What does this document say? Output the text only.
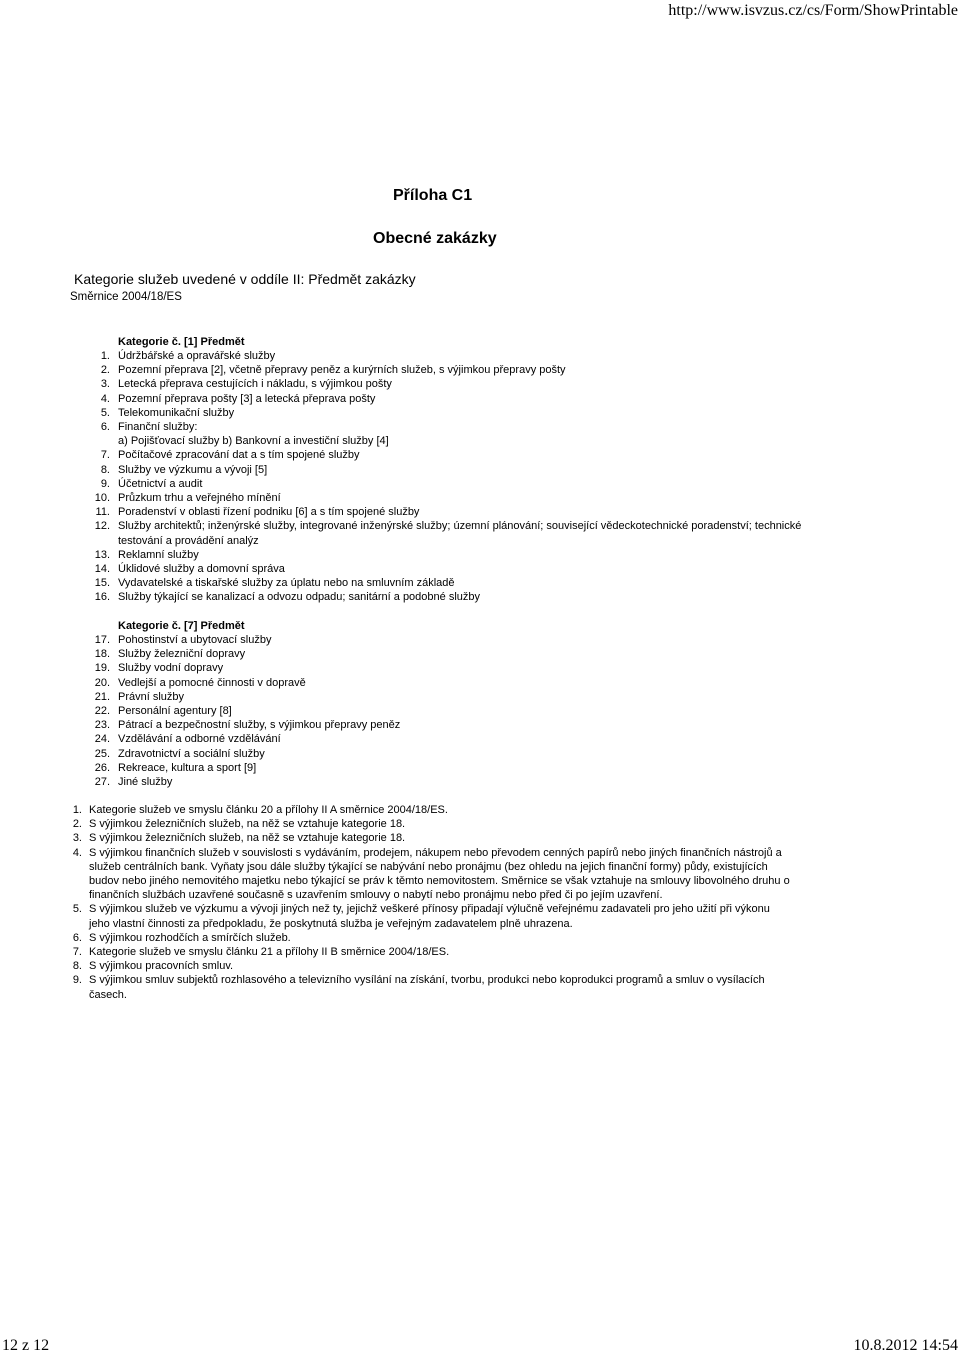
http://www.isvzus.cz/cs/Form/ShowPrintable
Příloha C1
Obecné zakázky
Kategorie služeb uvedené v oddíle II: Předmět zakázky
Směrnice 2004/18/ES
Kategorie č. [1] Předmět
1. Údržbářské a opravářské služby
2. Pozemní přeprava [2], včetně přepravy peněz a kurýrních služeb, s výjimkou přepravy pošty
3. Letecká přeprava cestujících i nákladu, s výjimkou pošty
4. Pozemní přeprava pošty [3] a letecká přeprava pošty
5. Telekomunikační služby
6. Finanční služby:
a) Pojišťovací služby b) Bankovní a investiční služby [4]
7. Počítačové zpracování dat a s tím spojené služby
8. Služby ve výzkumu a vývoji [5]
9. Účetnictví a audit
10. Průzkum trhu a veřejného mínění
11. Poradenství v oblasti řízení podniku [6] a s tím spojené služby
12. Služby architektů; inženýrské služby, integrované inženýrské služby; územní plánování; související vědeckotechnické poradenství; technické testování a provádění analýz
13. Reklamní služby
14. Úklidové služby a domovní správa
15. Vydavatelské a tiskařské služby za úplatu nebo na smluvním základě
16. Služby týkající se kanalizací a odvozu odpadu; sanitární a podobné služby
Kategorie č. [7] Předmět
17. Pohostinství a ubytovací služby
18. Služby železniční dopravy
19. Služby vodní dopravy
20. Vedlejší a pomocné činnosti v dopravě
21. Právní služby
22. Personální agentury [8]
23. Pátrací a bezpečnostní služby, s výjimkou přepravy peněz
24. Vzdělávání a odborné vzdělávání
25. Zdravotnictví a sociální služby
26. Rekreace, kultura a sport [9]
27. Jiné služby
1. Kategorie služeb ve smyslu článku 20 a přílohy II A směrnice 2004/18/ES.
2. S výjimkou železničních služeb, na něž se vztahuje kategorie 18.
3. S výjimkou železničních služeb, na něž se vztahuje kategorie 18.
4. S výjimkou finančních služeb v souvislosti s vydáváním, prodejem, nákupem nebo převodem cenných papírů nebo jiných finančních nástrojů a služeb centrálních bank. Vyňaty jsou dále služby týkající se nabývání nebo pronájmu (bez ohledu na jejich finanční formy) půdy, existujících budov nebo jiného nemovitého majetku nebo týkající se práv k těmto nemovitostem. Směrnice se však vztahuje na smlouvy libovolného druhu o finančních službách uzavřené současně s uzavřením smlouvy o nabytí nebo pronájmu nebo před či po jejím uzavření.
5. S výjimkou služeb ve výzkumu a vývoji jiných než ty, jejichž veškeré přínosy připadají výlučně veřejnému zadavateli pro jeho užití při výkonu jeho vlastní činnosti za předpokladu, že poskytnutá služba je veřejným zadavatelem plně uhrazena.
6. S výjimkou rozhodčích a smírčích služeb.
7. Kategorie služeb ve smyslu článku 21 a přílohy II B směrnice 2004/18/ES.
8. S výjimkou pracovních smluv.
9. S výjimkou smluv subjektů rozhlasového a televizního vysílání na získání, tvorbu, produkci nebo koprodukci programů a smluv o vysílacích časech.
12 z 12	10.8.2012 14:54
